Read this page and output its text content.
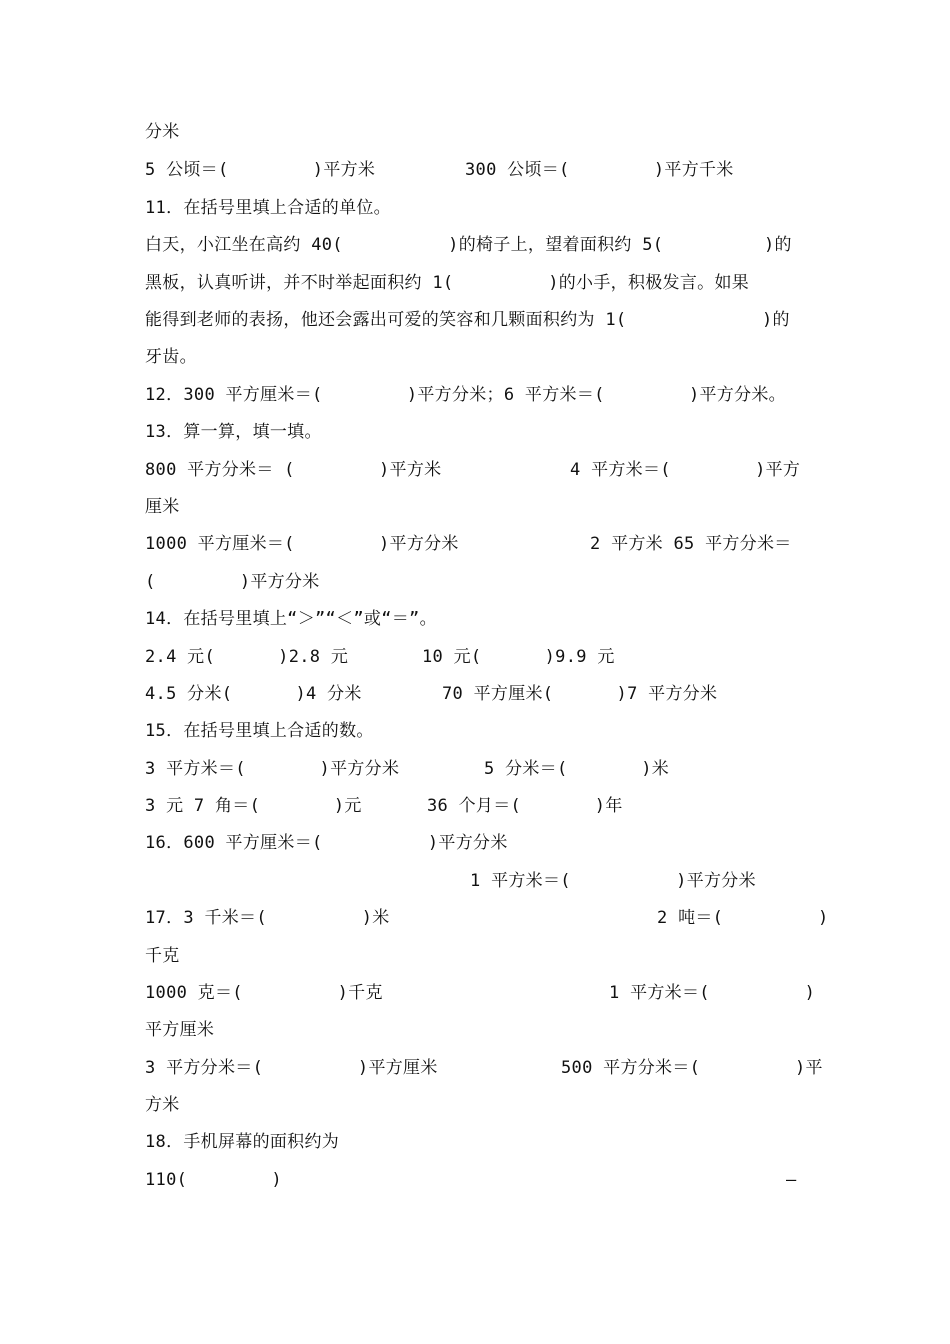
分米
5 公顷＝(        )平方米	300 公顷＝(        )平方千米
11．在括号里填上合适的单位。
白天，小江坐在高约 40(          )的椅子上，望着面积约 5(	)的
黑板，认真听讲，并不时举起面积约 1(         )的小手，积极发言。如果
能得到老师的表扬，他还会露出可爱的笑容和几颗面积约为 1(	)的
牙齿。
12．300 平方厘米＝(        )平方分米；6 平方米＝(        )平方分米。
13．算一算，填一填。
800 平方分米＝ (        )平方米	4 平方米＝(        )平方
厘米
1000 平方厘米＝(        )平方分米	2 平方米 65 平方分米＝
(        )平方分米
14．在括号里填上“＞”“＜”或“＝”。
2.4 元(      )2.8 元	10 元(      )9.9 元
4.5 分米(      )4 分米	70 平方厘米(      )7 平方分米
15．在括号里填上合适的数。
3 平方米＝(       )平方分米	5 分米＝(       )米
3 元 7 角＝(       )元	36 个月＝(       )年
16．600 平方厘米＝(          )平方分米
1 平方米＝(          )平方分米
17．3 千米＝(         )米	2 吨＝(         )
千克
1000 克＝(         )千克	1 平方米＝(         )
平方厘米
3 平方分米＝(         )平方厘米	500 平方分米＝(         )平
方米
18．手机屏幕的面积约为
110(        )	—
